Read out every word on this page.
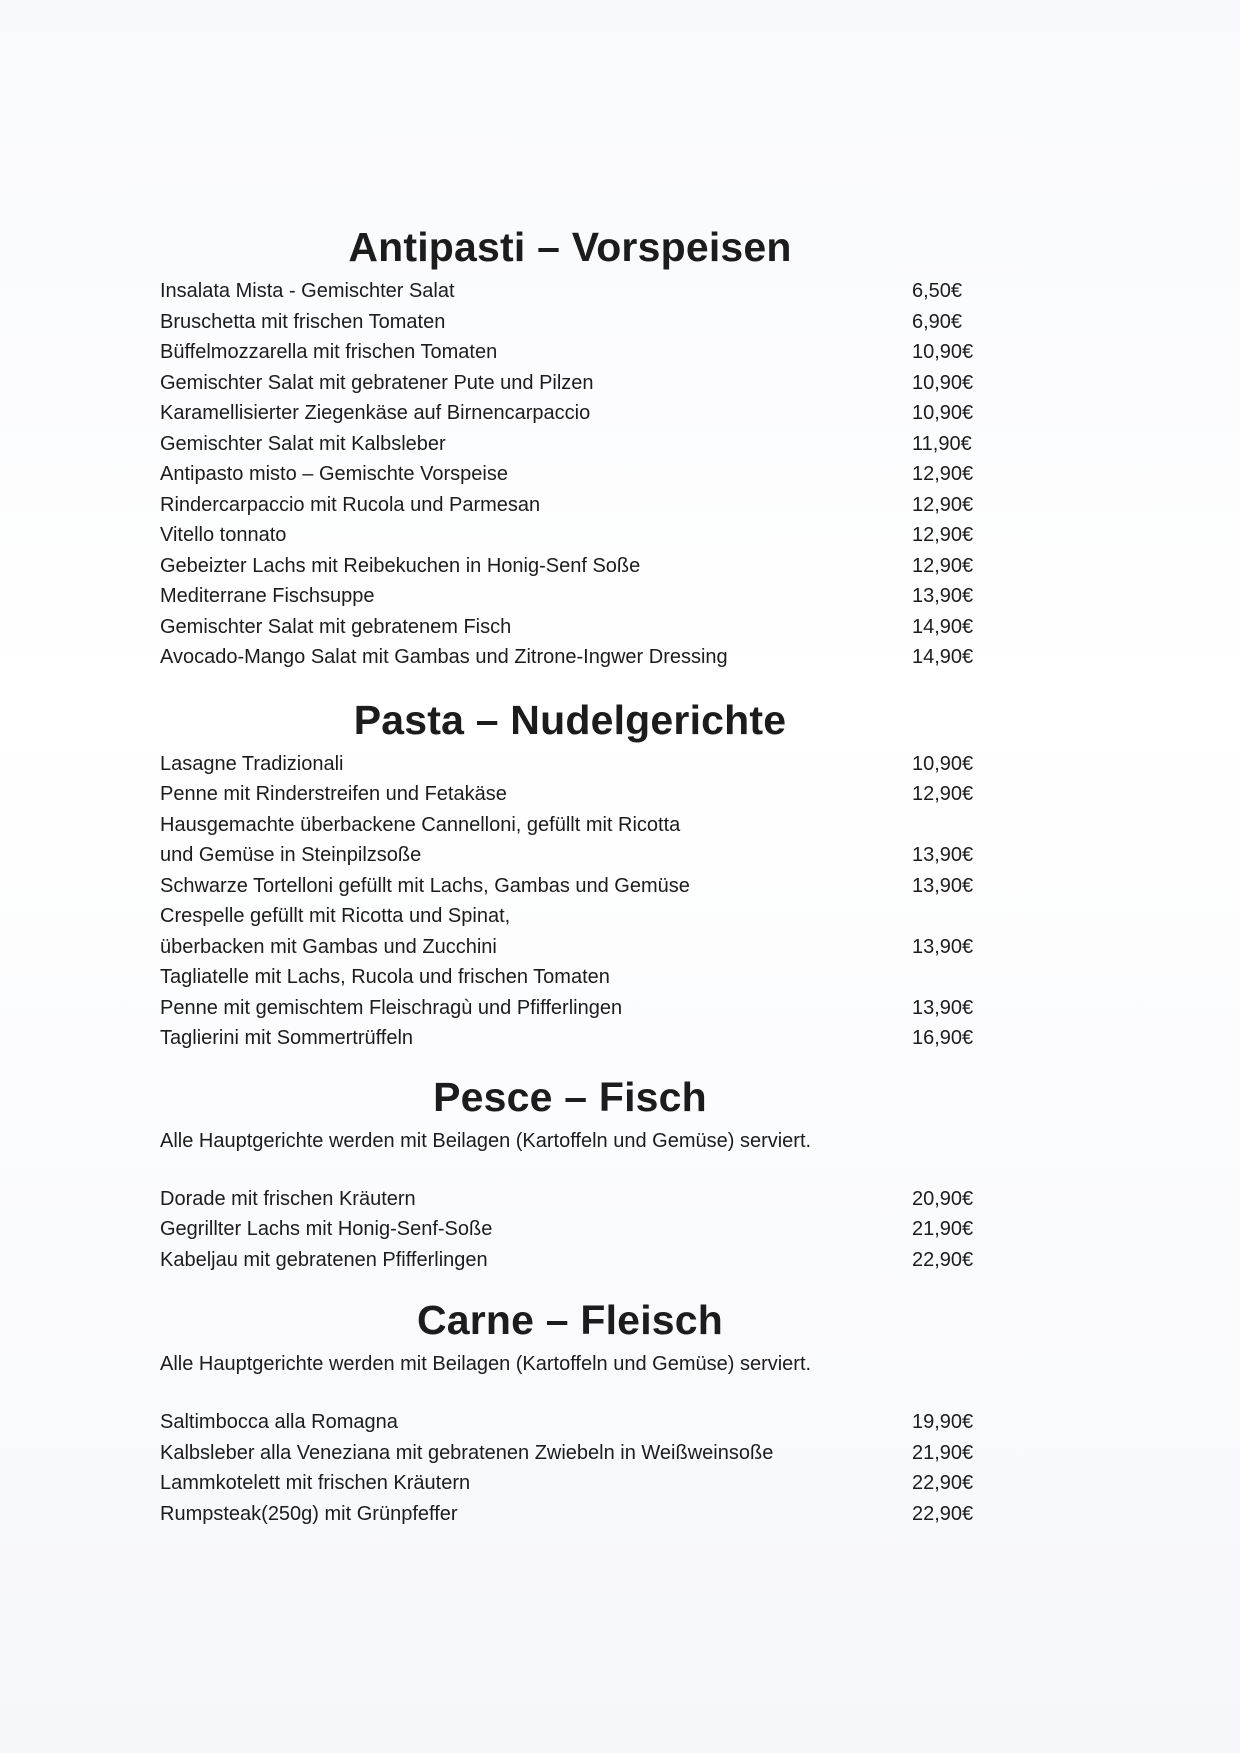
Antipasti – Vorspeisen
Insalata Mista - Gemischter Salat	6,50€
Bruschetta mit frischen Tomaten	6,90€
Büffelmozzarella mit frischen Tomaten	10,90€
Gemischter Salat mit gebratener Pute und Pilzen	10,90€
Karamellisierter Ziegenkäse auf Birnencarpaccio	10,90€
Gemischter Salat mit Kalbsleber	11,90€
Antipasto misto – Gemischte Vorspeise	12,90€
Rindercarpaccio mit Rucola und Parmesan	12,90€
Vitello tonnato	12,90€
Gebeizter Lachs mit Reibekuchen in Honig-Senf Soße	12,90€
Mediterrane Fischsuppe	13,90€
Gemischter Salat mit gebratenem Fisch	14,90€
Avocado-Mango Salat mit Gambas und Zitrone-Ingwer Dressing	14,90€
Pasta – Nudelgerichte
Lasagne Tradizionali	10,90€
Penne mit Rinderstreifen und Fetakäse	12,90€
Hausgemachte überbackene Cannelloni, gefüllt mit Ricotta
und Gemüse in Steinpilzsoße	13,90€
Schwarze Tortelloni gefüllt mit Lachs, Gambas und Gemüse	13,90€
Crespelle gefüllt mit Ricotta und Spinat,
überbacken mit Gambas und Zucchini	13,90€
Tagliatelle mit Lachs, Rucola und frischen Tomaten
Penne mit gemischtem Fleischragù und Pfifferlingen	13,90€
Taglierini mit Sommertrüffeln	16,90€
Pesce – Fisch

Alle Hauptgerichte werden mit Beilagen (Kartoffeln und Gemüse) serviert.

Dorade mit frischen Kräutern	20,90€
Gegrillter Lachs mit Honig-Senf-Soße	21,90€
Kabeljau mit gebratenen Pfifferlingen	22,90€
Carne – Fleisch

Alle Hauptgerichte werden mit Beilagen (Kartoffeln und Gemüse) serviert.

Saltimbocca alla Romagna	19,90€
Kalbsleber alla Veneziana mit gebratenen Zwiebeln in Weißweinsoße	21,90€
Lammkotelett mit frischen Kräutern	22,90€
Rumpsteak(250g) mit Grünpfeffer	22,90€
